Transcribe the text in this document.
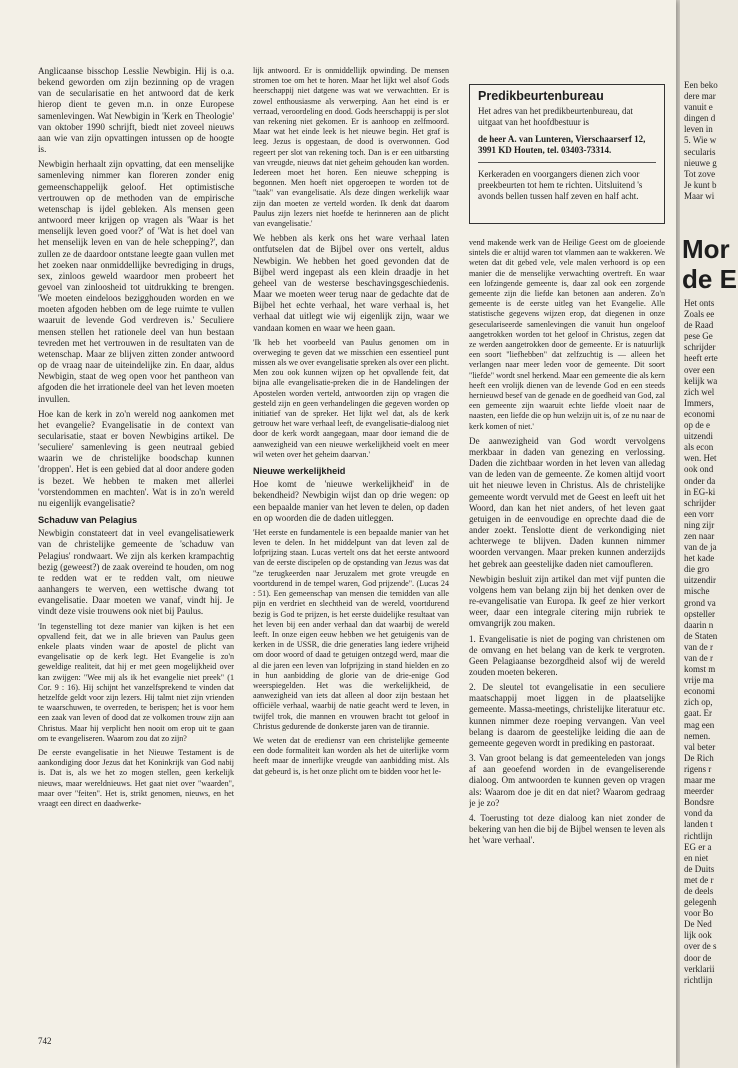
Anglicaanse bisschop Lesslie Newbigin. Hij is o.a. bekend geworden om zijn bezinning op de vragen van de secularisatie en het antwoord dat de kerk hierop dient te geven m.n. in onze Europese samenlevingen. Wat Newbigin in 'Kerk en Theologie' van oktober 1990 schrijft, biedt niet zoveel nieuws aan wie van zijn opvattingen intussen op de hoogte is.

Newbigin herhaalt zijn opvatting, dat een menselijke samenleving nimmer kan floreren zonder enig gemeenschappelijk geloof. Het optimistische vertrouwen op de methoden van de empirische wetenschap is ijdel gebleken. Als mensen geen antwoord meer krijgen op vragen als 'Waar is het menselijk leven goed voor?' of 'Wat is het doel van het menselijk leven en van de hele schepping?', dan zullen ze de daardoor ontstane leegte gaan vullen met het zoeken naar onmiddellijke bevrediging in drugs, sex, zinloos geweld waardoor men probeert het gevoel van zinloosheid tot uitdrukking te brengen. 'We moeten eindeloos bezigghouden worden en we moeten afgoden hebben om de lege ruimte te vullen waaruit de levende God verdreven is.' Seculiere mensen stellen het rationele deel van hun bestaan tevreden met het vertrouwen in de resultaten van de wetenschap. Maar ze blijven zitten zonder antwoord op de vraag naar de uiteindelijke zin. En daar, aldus Newbigin, staat de weg open voor het pantheon van afgoden die het irrationele deel van het leven moeten invullen.

Hoe kan de kerk in zo'n wereld nog aankomen met het evangelie? Evangelisatie in de context van secularisatie, staat er boven Newbigins artikel. De 'seculiere' samenleving is geen neutraal gebied waarin we de christelijke boodschap kunnen 'droppen'. Het is een gebied dat al door andere goden is bezet. We hebben te maken met allerlei 'vorstendommen en machten'. Wat is in zo'n wereld nu eigenlijk evangelisatie?

Schaduw van Pelagius

Newbigin constateert dat in veel evangelisatiewerk van de christelijke gemeente de 'schaduw van Pelagius' rondwaart. We zijn als kerken krampachtig bezig (geweest?) de zaak overeind te houden, om nog te redden wat er te redden valt, om nieuwe aanhangers te werven, een wettische dwang tot evangelisatie. Daar moeten we vanaf, vindt hij. Je vindt deze visie trouwens ook niet bij Paulus.

'In tegenstelling tot deze manier van kijken is het een opvallend feit, dat we in alle brieven van Paulus geen enkele plaats vinden waar de apostel de plicht van evangelisatie op de kerk legt. Het Evangelie is zo'n geweldige realiteit, dat hij er met geen mogelijkheid over kan zwijgen: "Wee mij als ik het evangelie niet preek" (1 Cor. 9 : 16). Hij schijnt het vanzelfsprekend te vinden dat hetzelfde geldt voor zijn lezers. Hij talmt niet zijn vrienden te waarschuwen, te overreden, te berispen; het is voor hem een zaak van leven of dood dat ze volkomen trouw zijn aan Christus. Maar hij verplicht hen nooit om erop uit te gaan om te evangeliseren. Waarom zou dat zo zijn?

De eerste evangelisatie in het Nieuwe Testament is de aankondiging door Jezus dat het Koninkrijk van God nabij is. Dat is, als we het zo mogen stellen, geen kerkelijk nieuws, maar wereldnieuws. Het gaat niet over "waarden", maar over "feiten". Het is, strikt genomen, nieuws, en het vraagt een direct en daadwerke-

lijk antwoord. Er is onmiddellijk opwinding. De mensen stromen toe om het te horen. Maar het lijkt wel alsof Gods heerschappij niet datgene was wat we verwachtten. Er is zowel enthousiasme als verwerping. Aan het eind is er verraad, veroordeling en dood. Gods heerschappij is per slot van rekening niet gekomen. Er is aanhoop en zelfmoord. Maar wat het einde leek is het nieuwe begin. Het graf is leeg. Jezus is opgestaan, de dood is overwonnen. God regeert per slot van rekening toch. Dan is er een uitbarsting van vreugde, nieuws dat niet geheim gehouden kan worden. Iedereen moet het horen. Een nieuwe schepping is begonnen. Men hoeft niet opgeroepen te worden tot de "taak" van evangelisatie. Als deze dingen werkelijk waar zijn dan moeten ze verteld worden. Ik denk dat daarom Paulus zijn lezers niet hoefde te herinneren aan de plicht van evangelisatie.'

We hebben als kerk ons het ware verhaal laten ontfutselen dat de Bijbel over ons vertelt, aldus Newbigin. We hebben het goed gevonden dat de Bijbel werd ingepast als een klein draadje in het geheel van de westerse beschavingsgeschiedenis. Maar we moeten weer terug naar de gedachte dat de Bijbel het echte verhaal, het ware verhaal is, het verhaal dat uitlegt wie wij eigenlijk zijn, waar we vandaan komen en waar we heen gaan.

'Ik heb het voorbeeld van Paulus genomen om in overweging te geven dat we misschien een essentieel punt missen als we over evangelisatie spreken als over een plicht. Men zou ook kunnen wijzen op het opvallende feit, dat bijna alle evangelisatie-preken die in de Handelingen der Apostelen worden verteld, antwoorden zijn op vragen die gesteld zijn en geen verhandelingen die gegeven worden op initiatief van de spreker. Het lijkt wel dat, als de kerk getrouw het ware verhaal leeft, de evangelisatie-dialoog niet door de kerk wordt aangegaan, maar door iemand die de aanwezigheid van een nieuwe werkelijkheid voelt en meer wil weten over het geheim daarvan.'

Nieuwe werkelijkheid

Hoe komt de 'nieuwe werkelijkheid' in de bekendheid? Newbigin wijst dan op drie wegen: op een bepaalde manier van het leven te delen, op daden en op woorden die de daden uitleggen.

'Het eerste en fundamentele is een bepaalde manier van het leven te delen. In het middelpunt van dat leven zal de lofprijzing staan. Lucas vertelt ons dat het eerste antwoord van de eerste discipelen op de opstanding van Jezus was dat "ze terugkeerden naar Jeruzalem met grote vreugde en voortdurend in de tempel waren, God prijzende". (Lucas 24 : 51). Een gemeenschap van mensen die temidden van alle pijn en verdriet en slechtheid van de wereld, voortdurend bezig is God te prijzen, is het eerste duidelijke resultaat van het leven bij een ander verhaal dan dat waarbij de wereld leeft. In onze eigen eeuw hebben we het getuigenis van de kerken in de USSR, die drie generaties lang iedere vrijheid om door woord of daad te getuigen ontzegd werd, maar die al die jaren een leven van lofprijzing in stand hielden en zo in hun aanbidding de glorie van de drie-enige God weerspiegelden. Het was die werkelijkheid, de aanwezigheid van iets dat alleen al door zijn bestaan het officiële verhaal, waarbij de natie geacht werd te leven, in twijfel trok, die mannen en vrouwen bracht tot geloof in Christus gedurende de donkerste jaren van de tirannie.

We weten dat de erediensт van een christelijke gemeente een dode formaliteit kan worden als het de uiterlijke vorm heeft maar de innerlijke vreugde van aanbidding mist. Als dat gebeurd is, is het onze plicht om te bidden voor het le-

Predikbeurtenbureau

Het adres van het predikbeurtenbureau, dat uitgaat van het hoofdbestuur is

de heer A. van Lunteren, Vierschaarserf 12, 3991 KD Houten, tel. 03403-73314.

Kerkeraden en voorgangers dienen zich voor preekbeurten tot hem te richten. Uitsluitend 's avonds bellen tussen half zeven en half acht.

vend makende werk van de Heilige Geest om de gloeiende sintels die er altijd waren tot vlammen aan te wakkeren. We weten dat dit gebed vele, vele malen verhoord is op een manier die de menselijke verwachting overtreft. En waar een lofzingende gemeente is, daar zal ook een zorgende gemeente zijn die liefde kan betonen aan anderen. Zo'n gemeente is de eerste uitleg van het Evangelie. Alle statistische gegevens wijzen erop, dat diegenen in onze geseculariseerde samenlevingen die vanuit hun ongeloof aangetrokken worden tot het geloof in Christus, zegen dat ze werden aangetrokken door de gemeente. Er is natuurlijk een soort "liefhebben" dat zelfzuchtig is — alleen het verlangen naar meer leden voor de gemeente. Dit soort "liefde" wordt snel herkend. Maar een gemeente die als kern heeft een vrolijk dienen van de levende God en een steeds hernieuwd besef van de genade en de goedheid van God, zal een gemeente zijn waaruit echte liefde vloeit naar de naasten, een liefde die op hun welzijn uit is, of ze nu naar de kerk komen of niet.'

De aanwezigheid van God wordt vervolgens merkbaar in daden van genezing en verlossing. Daden die zichtbaar worden in het leven van alledag van de leden van de gemeente. Ze komen altijd voort uit het nieuwe leven in Christus. Als de christelijke gemeente wordt vervuld met de Geest en leeft uit het Woord, dan kan het niet anders, of het leven gaat getuigen in de eenvoudige en oprechte daad die de ander zoekt. Tenslotte dient de verkondiging niet achterwege te blijven. Daden kunnen nimmer woorden vervangen. Maar preken kunnen anderzijds het gebrek aan geestelijke daden niet camoufleren.

Newbigin besluit zijn artikel dan met vijf punten die volgens hem van belang zijn bij het denken over de re-evangelisatie van Europa. Ik geef ze hier verkort weer, daar een integrale citering mijn rubriek te omvangrijk zou maken.

1. Evangelisatie is niet de poging van christenen om de omvang en het belang van de kerk te vergroten. Geen Pelagiaanse bezorgdheid alsof wij de wereld zouden moeten bekeren.

2. De sleutel tot evangelisatie in een seculiere maatschappij moet liggen in de plaatselijke gemeente. Massa-meetings, christelijke literatuur etc. kunnen nimmer deze roeping vervangen. Van veel belang is daarom de geestelijke leiding die aan de gemeente gegeven wordt in prediking en pastoraat.

3. Van groot belang is dat gemeenteleden van jongs af aan geoefend worden in de evangeliserende dialoog. Om antwoorden te kunnen geven op vragen als: Waarom doe je dit en dat niet? Waarom gedraag je je zo?

4. Toerusting tot deze dialoog kan niet zonder de bekering van hen die bij de Bijbel wensen te leven als het 'ware verhaal'.

742
Een beko
dere mar
vanuit e
dingen d
leven in
5. Wie w
secularis
nieuwe g
Tot zove
Je kunt b
Maar wi
Mor
de E
Het onts
Zoals ee
de Raad
pese Ge
schrijder
heeft erte
over een
kelijk wa
zich wel
Immers,
economi
op de e
uitzendi
als econ
wen. Het
ook ond
onder da
in EG-ki
schrijder
een vorr
ning zijr
zen naar
van de ja
het kade
die gro
uitzendir
mische
grond va
opsteller
daarin n
de Staten
van de r
van de r
komst m
vrije ma
economi
zich op,
gaat. Er
mag een
nemen.
val beter
De Rich
rigens r
maar me
meerder
Bondsre
vond da
landen t
richtlijn
EG er a
en niet
de Duits
met de r
de deels
gelegenh
voor Bo
De Ned
lijk ook
over de s
door de
verklarii
richtlijn
